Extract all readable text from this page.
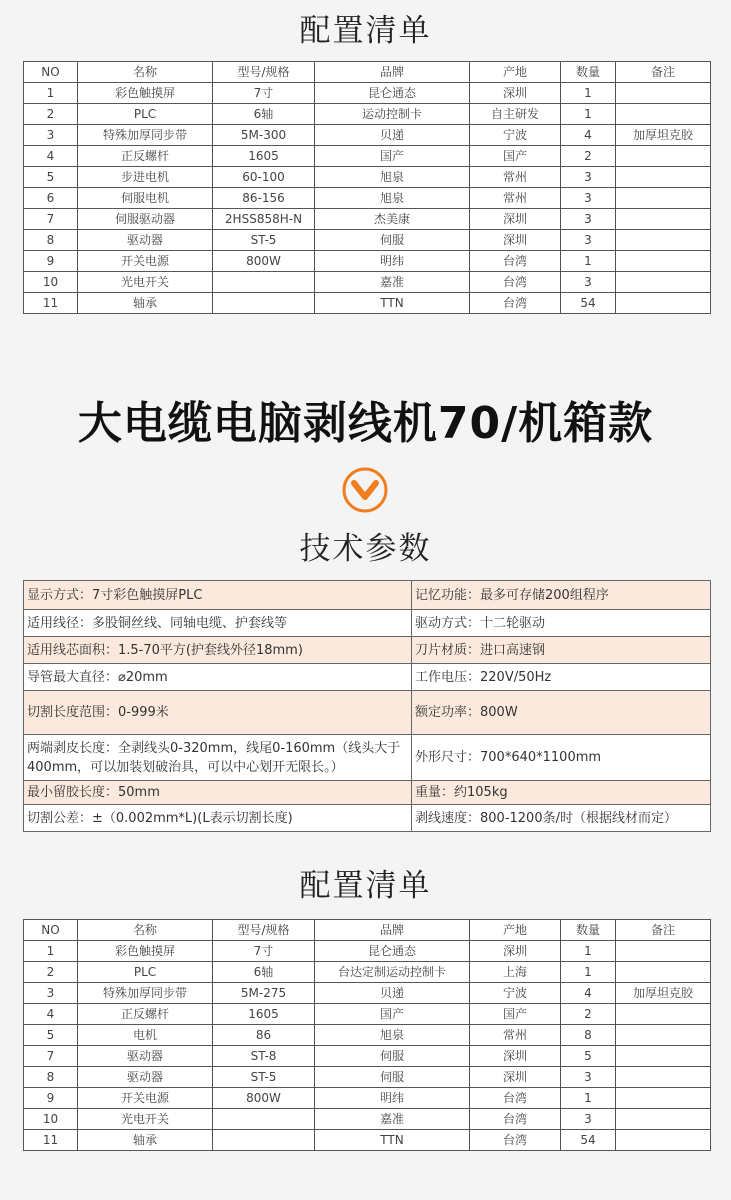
配置清单
NO	名称	型号/规格	品牌	产地	数量	备注
1	彩色触摸屏	7寸	昆仑通态	深圳	1	
2	PLC	6轴	运动控制卡	自主研发	1	
3	特殊加厚同步带	5M-300	贝递	宁波	4	加厚坦克胶
4	正反螺杆	1605	国产	国产	2	
5	步进电机	60-100	旭泉	常州	3	
6	伺服电机	86-156	旭泉	常州	3	
7	伺服驱动器	2HSS858H-N	杰美康	深圳	3	
8	驱动器	ST-5	伺服	深圳	3	
9	开关电源	800W	明纬	台湾	1	
10	光电开关		嘉准	台湾	3	
11	轴承		TTN	台湾	54	
大电缆电脑剥线机70/机箱款
技术参数
显示方式：7寸彩色触摸屏PLC	记忆功能：最多可存储200组程序
适用线径：多股铜丝线、同轴电缆、护套线等	驱动方式：十二轮驱动
适用线芯面积：1.5-70平方(护套线外径18mm)	刀片材质：进口高速钢
导管最大直径：⌀20mm	工作电压：220V/50Hz
切割长度范围：0-999米	额定功率：800W
两端剥皮长度：全剥线头0-320mm，线尾0-160mm（线头大于400mm，可以加装划破治具，可以中心划开无限长。）	外形尺寸：700*640*1100mm
最小留胶长度：50mm	重量：约105kg
切割公差：±（0.002mm*L)(L表示切割长度)	剥线速度：800-1200条/时（根据线材而定）
配置清单
NO	名称	型号/规格	品牌	产地	数量	备注
1	彩色触摸屏	7寸	昆仑通态	深圳	1	
2	PLC	6轴	台达定制运动控制卡	上海	1	
3	特殊加厚同步带	5M-275	贝递	宁波	4	加厚坦克胶
4	正反螺杆	1605	国产	国产	2	
5	电机	86	旭泉	常州	8	
7	驱动器	ST-8	伺服	深圳	5	
8	驱动器	ST-5	伺服	深圳	3	
9	开关电源	800W	明纬	台湾	1	
10	光电开关		嘉准	台湾	3	
11	轴承		TTN	台湾	54	
